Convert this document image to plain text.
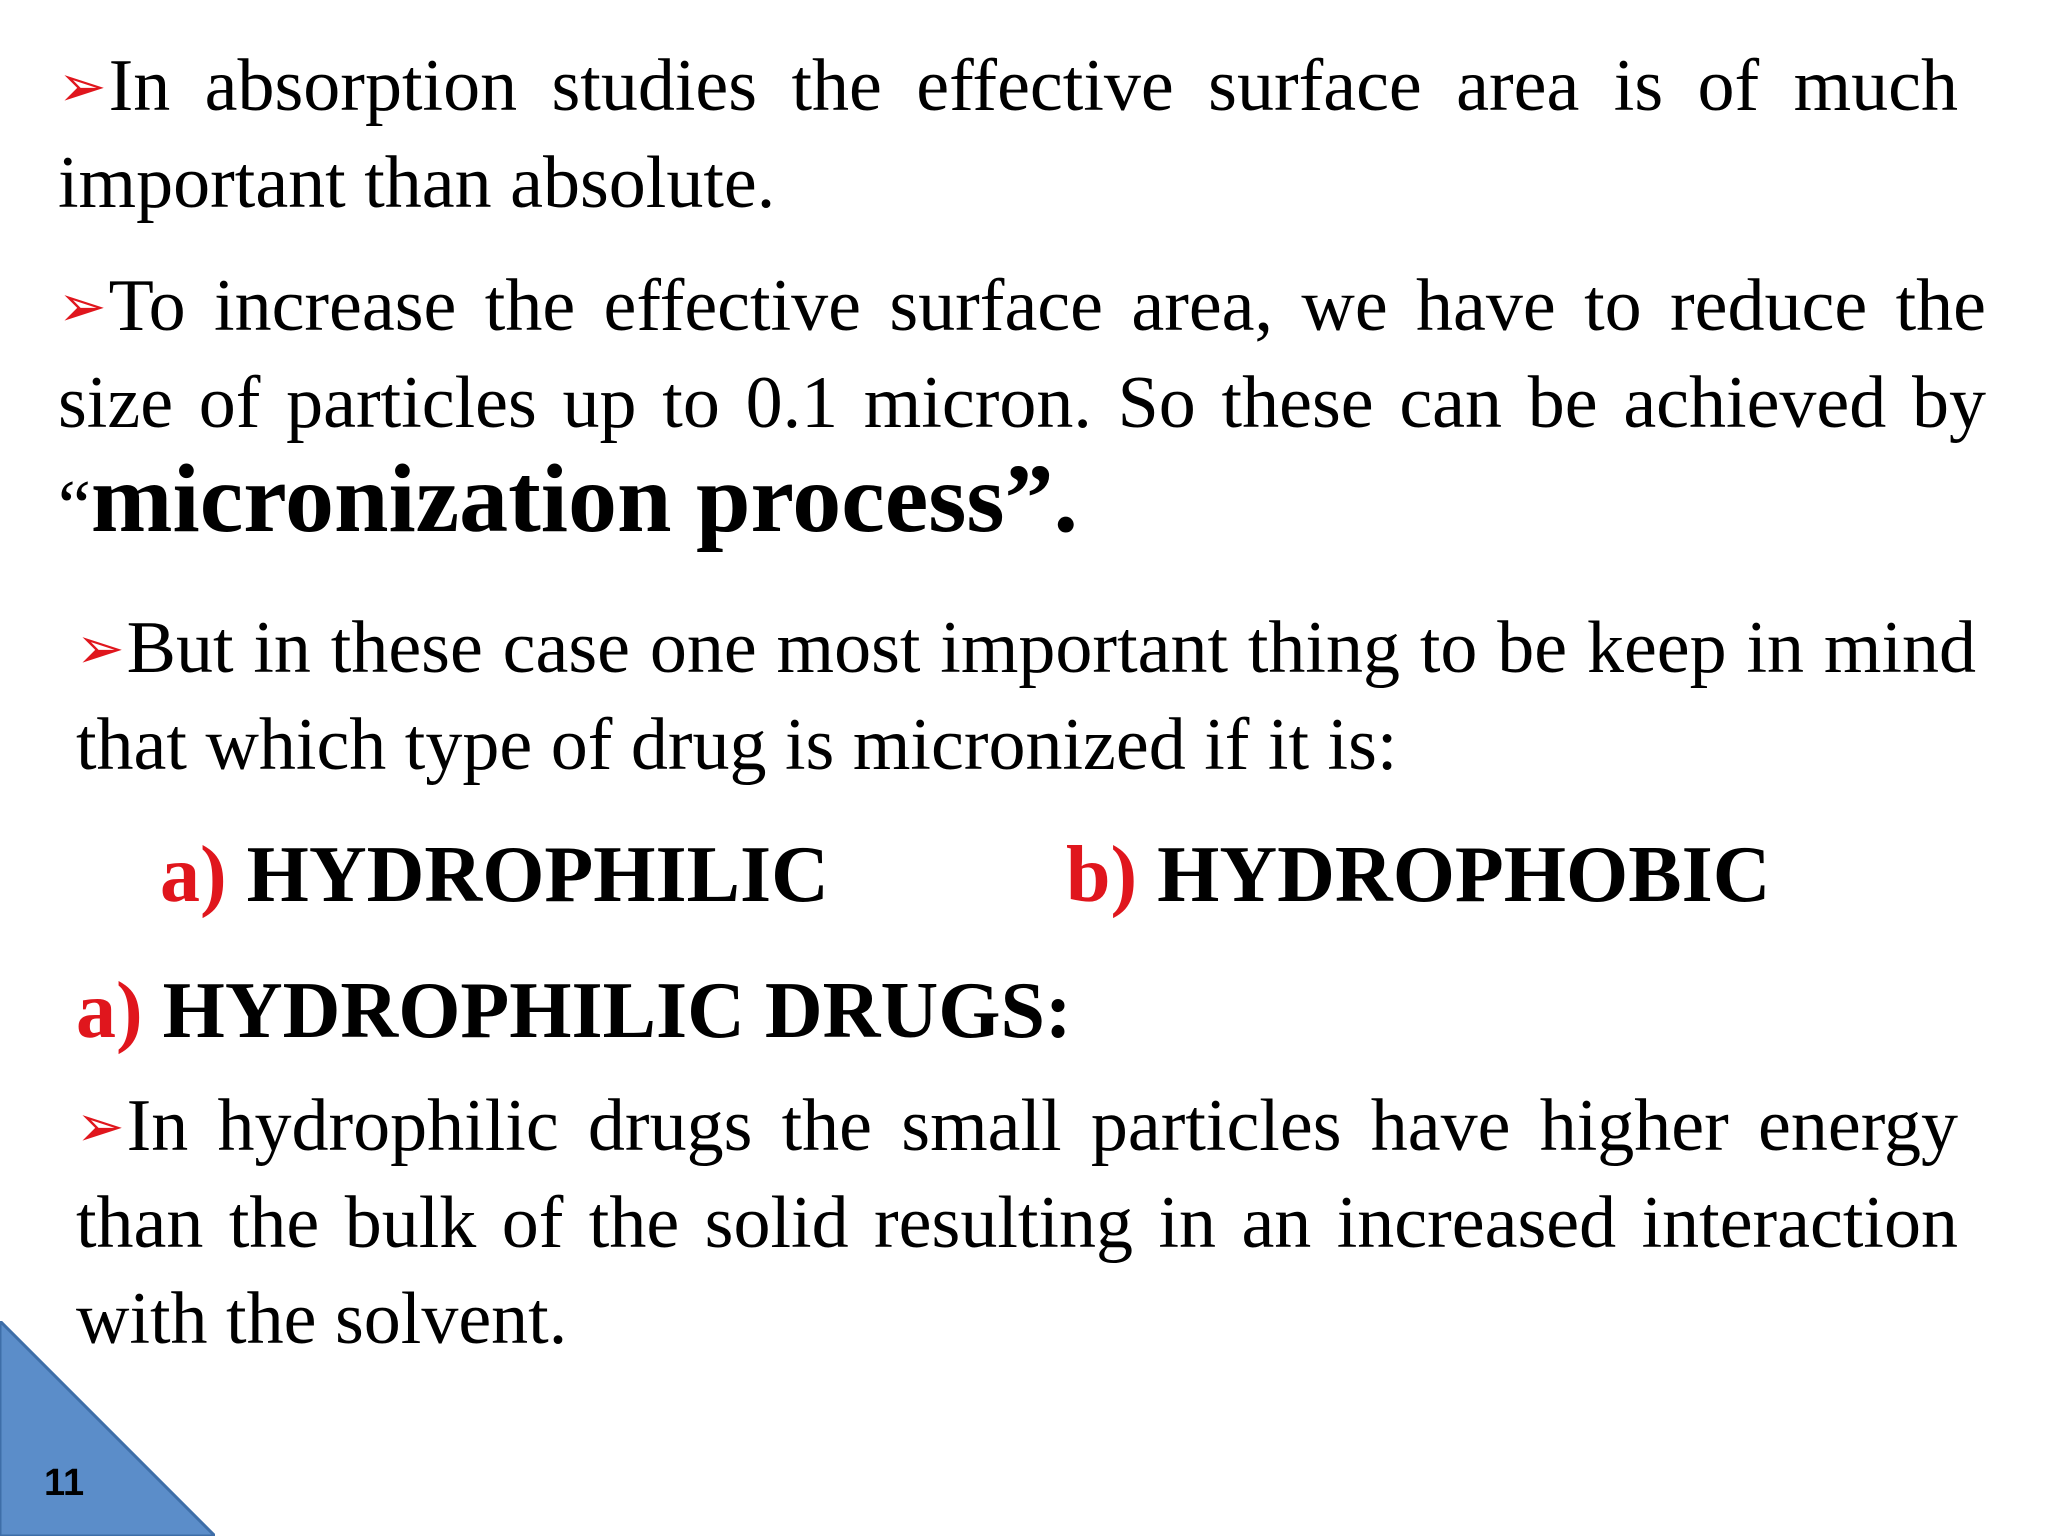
➢In absorption studies the effective surface area is of much important than absolute.

➢To increase the effective surface area, we have to reduce the size of particles up to 0.1 micron. So these can be achieved by “micronization process”.

➢But in these case one most important thing to be keep in mind that which type of drug is micronized if it is:

a) HYDROPHILIC	b) HYDROPHOBIC
a) HYDROPHILIC DRUGS:

➢In hydrophilic drugs the small particles have higher energy than the bulk of the solid resulting in an increased interaction with the solvent.

11
